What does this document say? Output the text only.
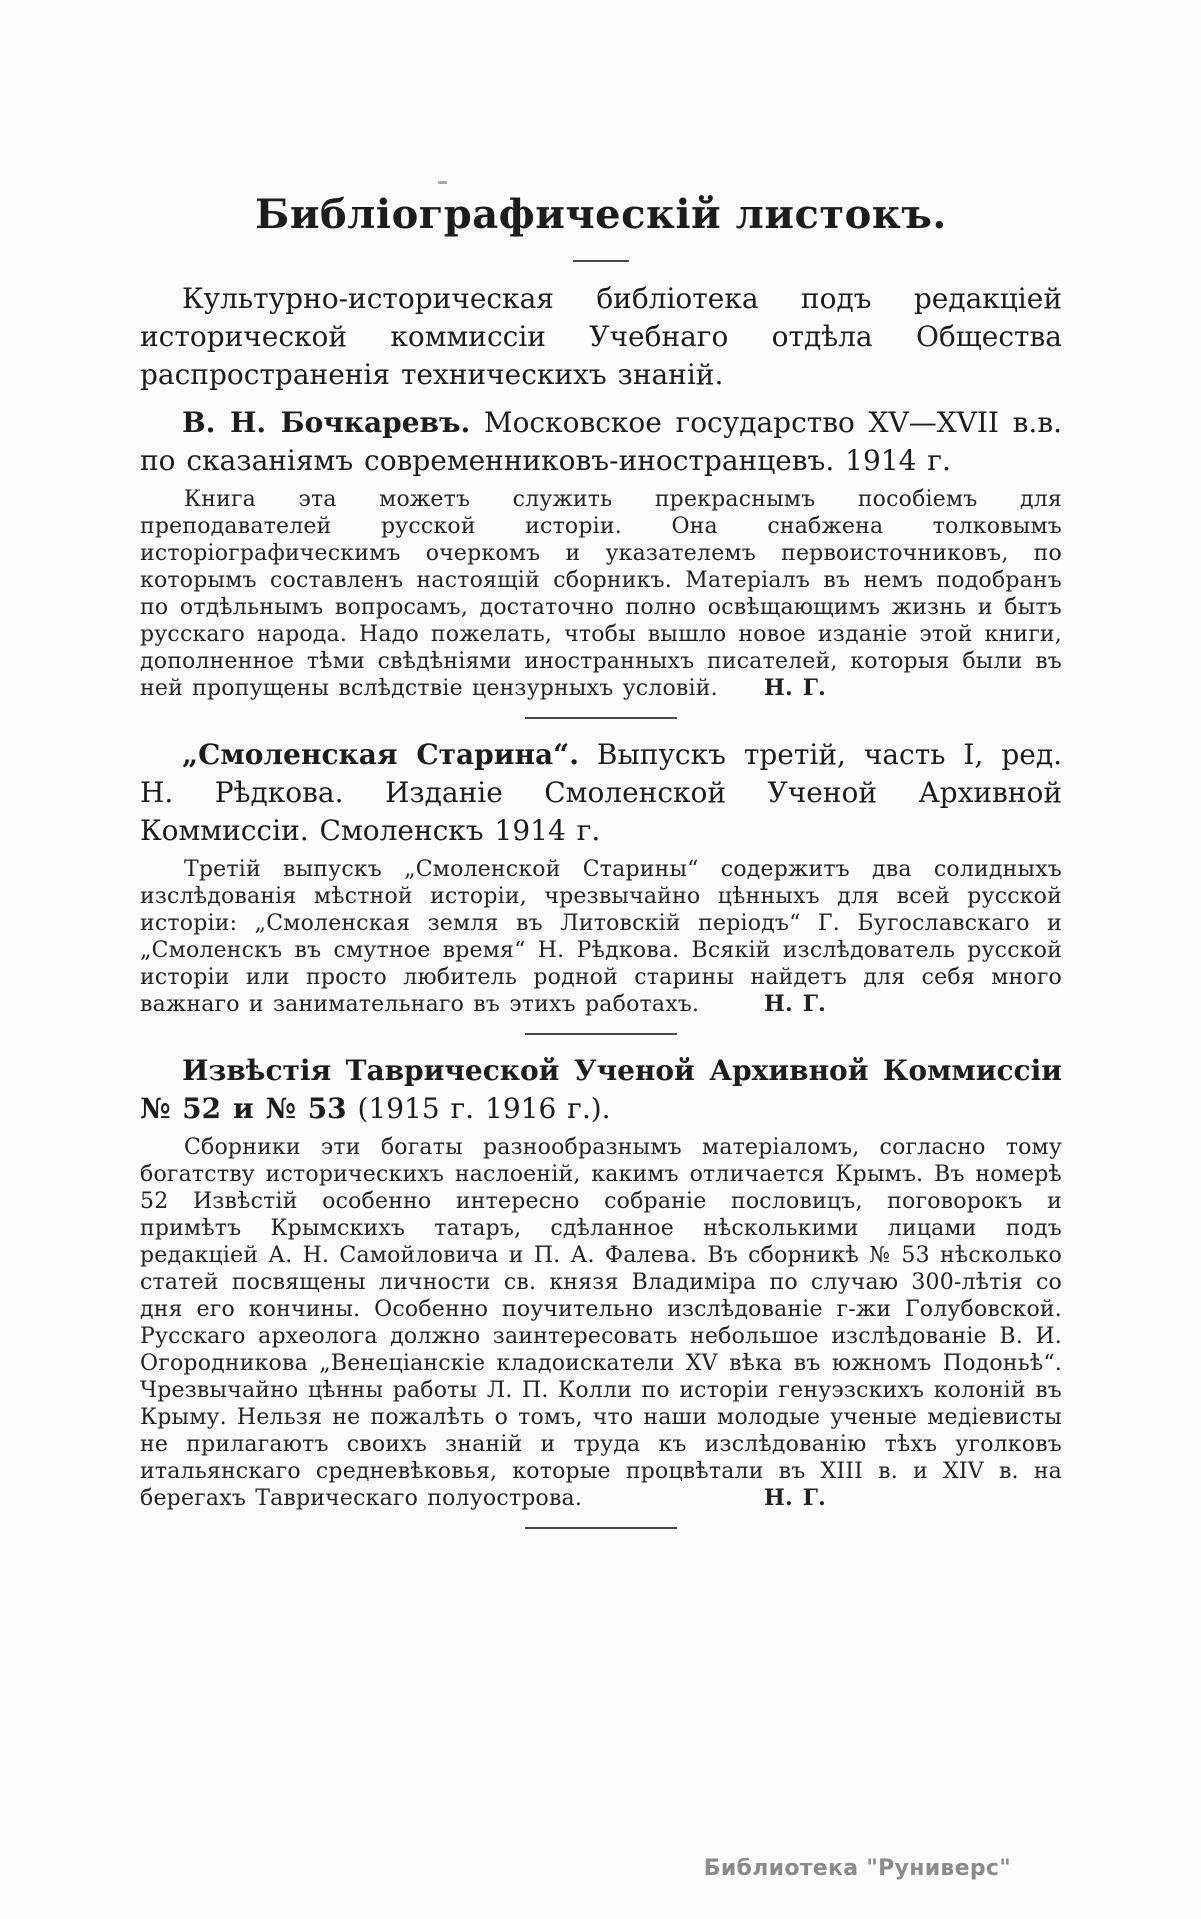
Библіографическій листокъ.

Культурно-историческая библіотека подъ редакціей исторической коммиссіи Учебнаго отдѣла Общества распространенія техническихъ знаній.

В. Н. Бочкаревъ. Московское государство XV—XVII в.в. по сказаніямъ современниковъ-иностранцевъ. 1914 г.

Книга эта можетъ служить прекраснымъ пособіемъ для преподавателей русской исторіи. Она снабжена толковымъ исторіографическимъ очеркомъ и указателемъ первоисточниковъ, по которымъ составленъ настоящій сборникъ. Матеріалъ въ немъ подобранъ по отдѣльнымъ вопросамъ, достаточно полно освѣщающимъ жизнь и бытъ русскаго народа. Надо пожелать, чтобы вышло новое изданіе этой книги, дополненное тѣми свѣдѣніями иностранныхъ писателей, которыя были въ ней пропущены вслѣдствіе цензурныхъ условій.	Н. Г.

„Смоленская Старина“. Выпускъ третій, часть I, ред. Н. Рѣдкова. Изданіе Смоленской Ученой Архивной Коммиссіи. Смоленскъ 1914 г.

Третій выпускъ „Смоленской Старины“ содержитъ два солидныхъ изслѣдованія мѣстной исторіи, чрезвычайно цѣнныхъ для всей русской исторіи: „Смоленская земля въ Литовскій періодъ“ Г. Бугославскаго и „Смоленскъ въ смутное время“ Н. Рѣдкова. Всякій изслѣдователь русской исторіи или просто любитель родной старины найдетъ для себя много важнаго и занимательнаго въ этихъ работахъ.	Н. Г.

Извѣстія Таврической Ученой Архивной Коммиссіи № 52 и № 53 (1915 г. 1916 г.).

Сборники эти богаты разнообразнымъ матеріаломъ, согласно тому богатству историческихъ наслоеній, какимъ отличается Крымъ. Въ номерѣ 52 Извѣстій особенно интересно собраніе пословицъ, поговорокъ и примѣтъ Крымскихъ татаръ, сдѣланное нѣсколькими лицами подъ редакціей А. Н. Самойловича и П. А. Фалева. Въ сборникѣ № 53 нѣсколько статей посвящены личности св. князя Владиміра по случаю 300-лѣтія со дня его кончины. Особенно поучительно изслѣдованіе г-жи Голубовской. Русскаго археолога должно заинтересовать небольшое изслѣдованіе В. И. Огородникова „Венеціанскіе кладоискатели XV вѣка въ южномъ Подоньѣ“. Чрезвычайно цѣнны работы Л. П. Колли по исторіи генуэзскихъ колоній въ Крыму. Нельзя не пожалѣть о томъ, что наши молодые ученые медіевисты не прилагаютъ своихъ знаній и труда къ изслѣдованію тѣхъ уголковъ итальянскаго средневѣковья, которые процвѣтали въ XIII в. и XIV в. на берегахъ Таврическаго полуострова.	Н. Г.

Библиотека "Руниверс"
